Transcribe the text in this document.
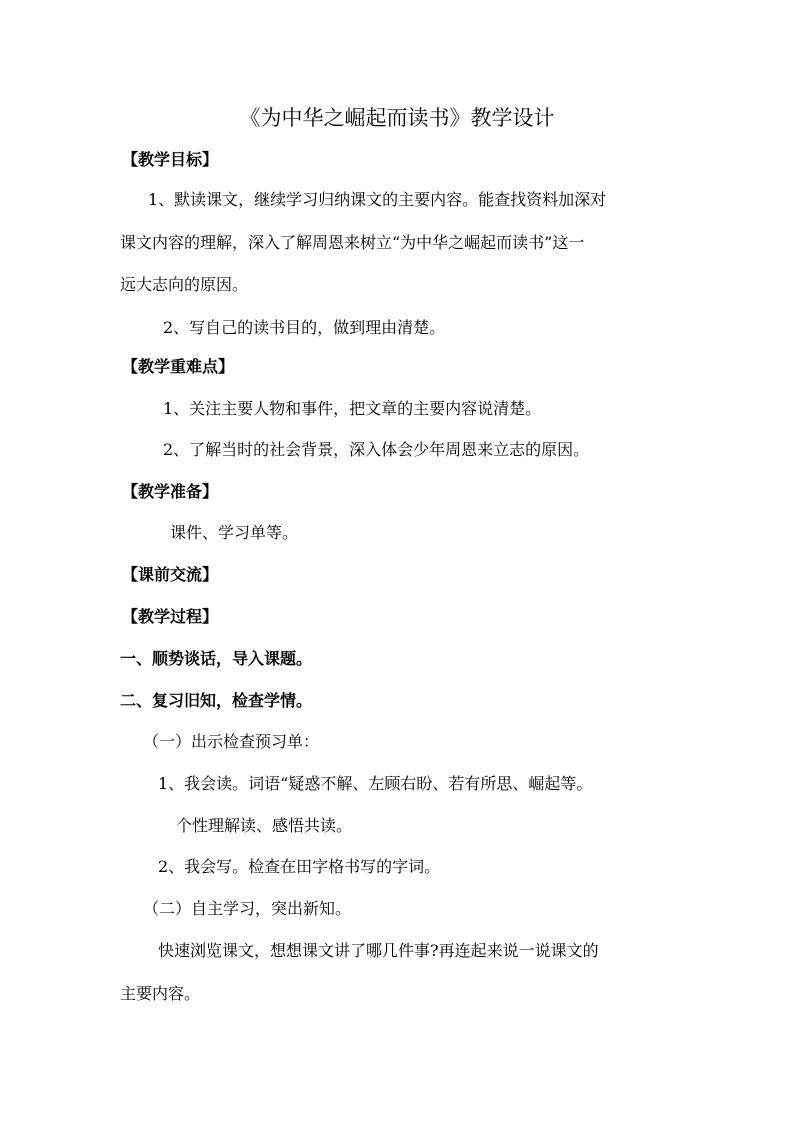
《为中华之崛起而读书》教学设计
【教学目标】
1、默读课文，继续学习归纳课文的主要内容。能查找资料加深对
课文内容的理解，深入了解周恩来树立“为中华之崛起而读书”这一
远大志向的原因。
2、写自己的读书目的，做到理由清楚。
【教学重难点】
1、关注主要人物和事件，把文章的主要内容说清楚。
2、了解当时的社会背景，深入体会少年周恩来立志的原因。
【教学准备】
课件、学习单等。
【课前交流】
【教学过程】
一、顺势谈话，导入课题。
二、复习旧知，检查学情。
（一）出示检查预习单：
1、我会读。词语“疑惑不解、左顾右盼、若有所思、崛起等。
个性理解读、感悟共读。
2、我会写。检查在田字格书写的字词。
（二）自主学习，突出新知。
快速浏览课文，想想课文讲了哪几件事?再连起来说一说课文的
主要内容。
